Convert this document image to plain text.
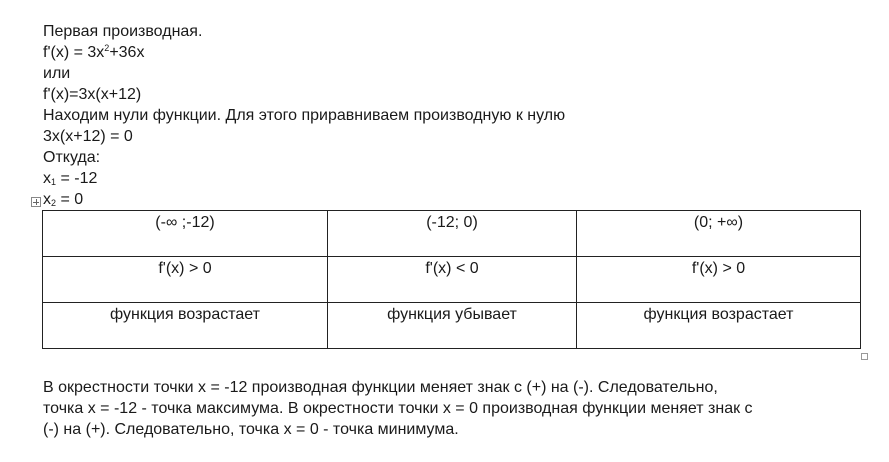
Первая производная.
$f'(x) = 3x^2+36x$
или
f'(x)=3x(x+12)
Находим нули функции. Для этого приравниваем производную к нулю
3x(x+12) = 0
Откуда:
$x_1 = -12$
$x_2 = 0$
(-∞ ;-12)	(-12; 0)	(0; +∞)
f'(x) > 0	f'(x) < 0	f'(x) > 0
функция возрастает	функция убывает	функция возрастает
В окрестности точки x = -12 производная функции меняет знак с (+) на (-). Следовательно,
точка x = -12 - точка максимума. В окрестности точки x = 0 производная функции меняет знак с
(-) на (+). Следовательно, точка x = 0 - точка минимума.
